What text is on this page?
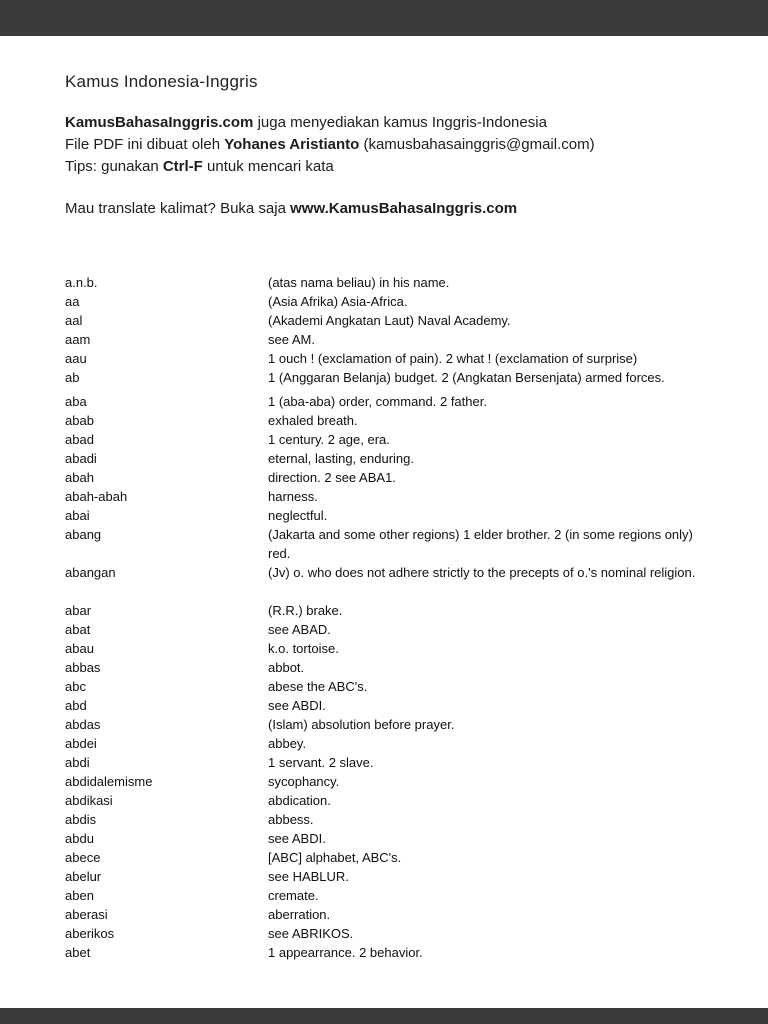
Kamus Indonesia-Inggris

KamusBahasaInggris.com juga menyediakan kamus Inggris-Indonesia

File PDF ini dibuat oleh Yohanes Aristianto (kamusbahasainggris@gmail.com)

Tips: gunakan Ctrl-F untuk mencari kata

Mau translate kalimat? Buka saja www.KamusBahasaInggris.com

a.n.b.	(atas nama beliau) in his name.
aa	(Asia Afrika) Asia-Africa.
aal	(Akademi Angkatan Laut) Naval Academy.
aam	see AM.
aau	1 ouch ! (exclamation of pain). 2 what ! (exclamation of surprise)
ab	1 (Anggaran Belanja) budget. 2 (Angkatan Bersenjata) armed forces.
aba	1 (aba-aba) order, command. 2 father.
abab	exhaled breath.
abad	1 century. 2 age, era.
abadi	eternal, lasting, enduring.
abah	direction. 2 see ABA1.
abah-abah	harness.
abai	neglectful.
abang	(Jakarta and some other regions) 1 elder brother. 2 (in some regions only)
red.
abangan	(Jv) o. who does not adhere strictly to the precepts of o.'s nominal religion.
abar	(R.R.) brake.
abat	see ABAD.
abau	k.o. tortoise.
abbas	abbot.
abc	abese the ABC's.
abd	see ABDI.
abdas	(Islam) absolution before prayer.
abdei	abbey.
abdi	1 servant. 2 slave.
abdidalemisme	sycophancy.
abdikasi	abdication.
abdis	abbess.
abdu	see ABDI.
abece	[ABC] alphabet, ABC's.
abelur	see HABLUR.
aben	cremate.
aberasi	aberration.
aberikos	see ABRIKOS.
abet	1 appearrance. 2 behavior.
